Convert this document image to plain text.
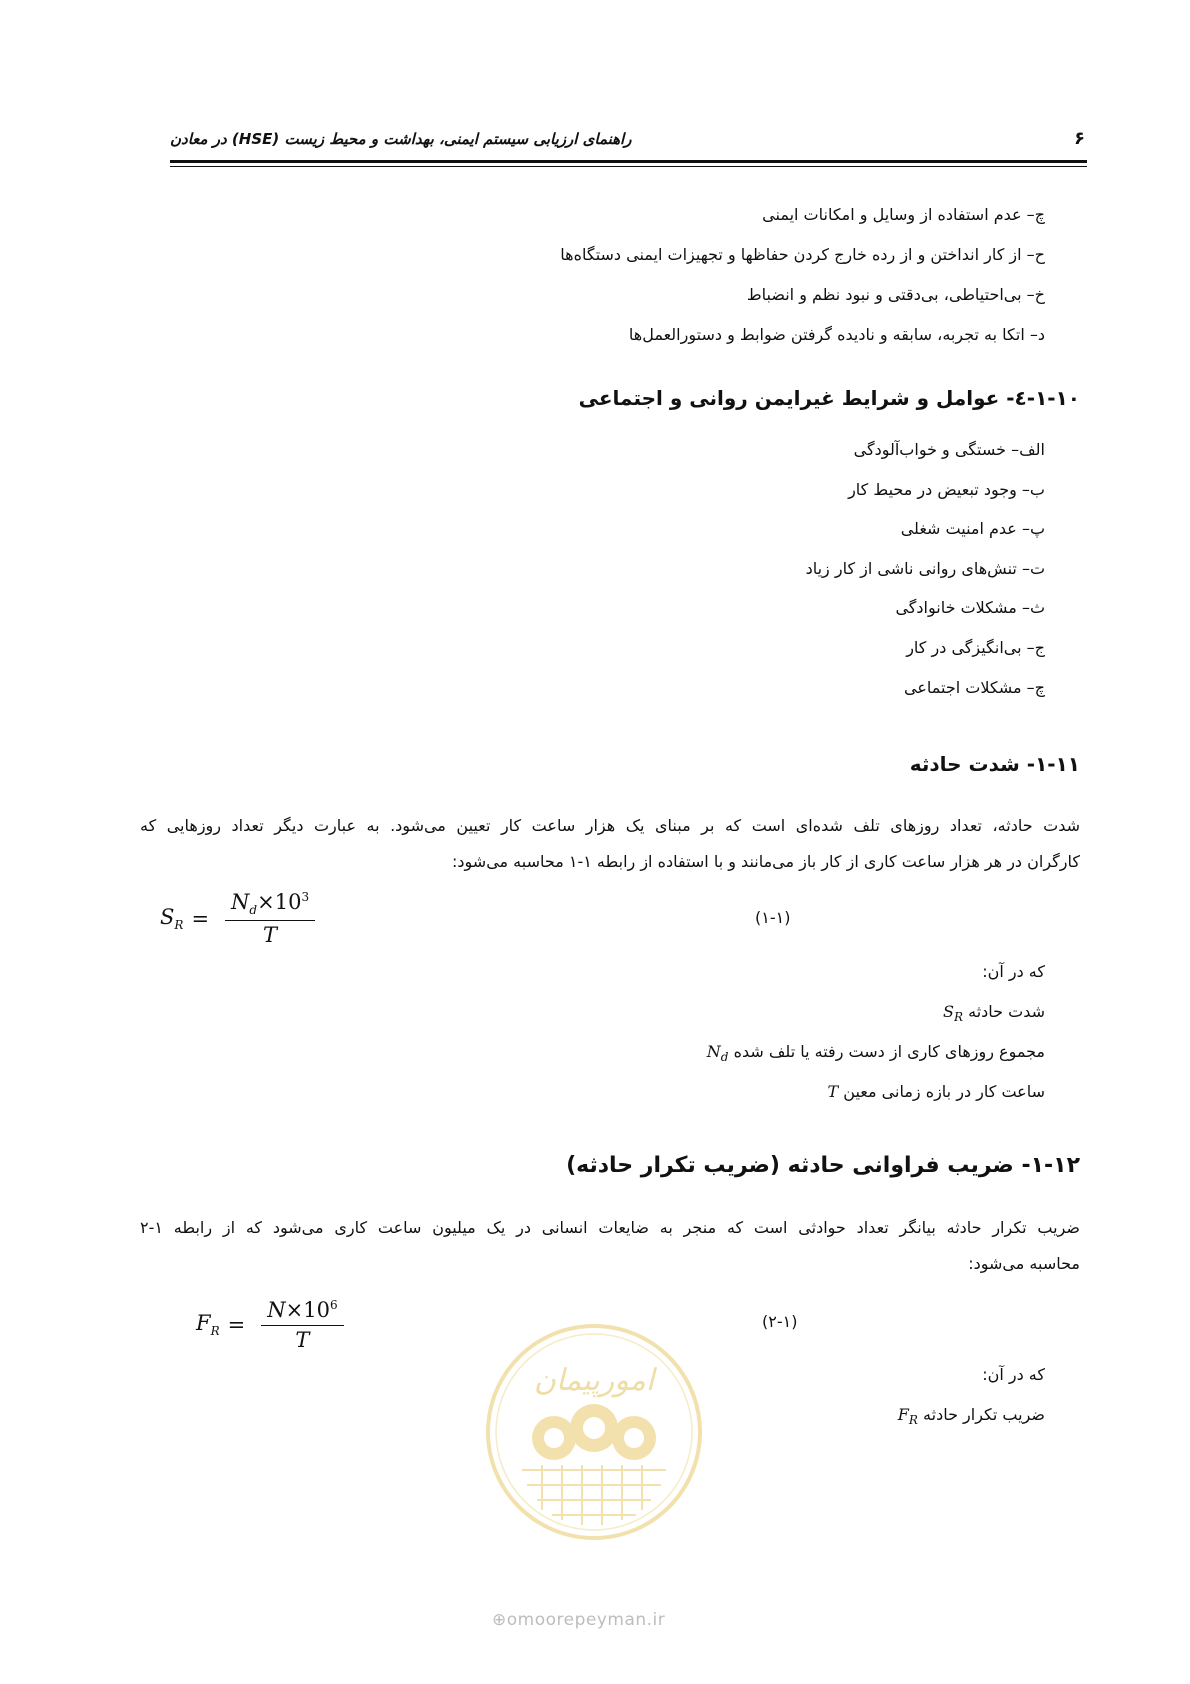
۶
راهنمای ارزیابی سیستم ایمنی، بهداشت و محیط زیست (HSE) در معادن
چ– عدم استفاده از وسایل و امکانات ایمنی
ح– از کار انداختن و از رده خارج کردن حفاظها و تجهیزات ایمنی دستگاه‌ها
خ– بی‌احتیاطی، بی‌دقتی و نبود نظم و انضباط
د– اتکا به تجربه، سابقه و نادیده گرفتن ضوابط و دستورالعمل‌ها
۱-۱۰-٤- عوامل و شرایط غیرایمن روانی و اجتماعی
الف– خستگی و خواب‌آلودگی
ب– وجود تبعیض در محیط کار
پ– عدم امنیت شغلی
ت– تنش‌های روانی ناشی از کار زیاد
ث– مشکلات خانوادگی
ج– بی‌انگیزگی در کار
چ– مشکلات اجتماعی
۱-۱۱- شدت حادثه
شدت حادثه، تعداد روزهای تلف شده‌ای است که بر مبنای یک هزار ساعت کار تعیین می‌شود. به عبارت دیگر تعداد روزهایی که
کارگران در هر هزار ساعت کاری از کار باز می‌مانند و با استفاده از رابطه ۱-۱ محاسبه می‌شود:
$S_R = \frac{N_d\times 10^3}{T}$	(۱-۱)
که در آن:
$S_R$ شدت حادثه
$N_d$ مجموع روزهای کاری از دست رفته یا تلف شده
T ساعت کار در بازه زمانی معین
۱-۱۲- ضریب فراوانی حادثه (ضریب تکرار حادثه)
ضریب تکرار حادثه بیانگر تعداد حوادثی است که منجر به ضایعات انسانی در یک میلیون ساعت کاری می‌شود که از رابطه ۱-۲
محاسبه می‌شود:
$F_R = \frac{N\times 10^6}{T}$	(۲-۱)
که در آن:
$F_R$ ضریب تکرار حادثه
امورپیمان
⊕omoorepeyman.ir
